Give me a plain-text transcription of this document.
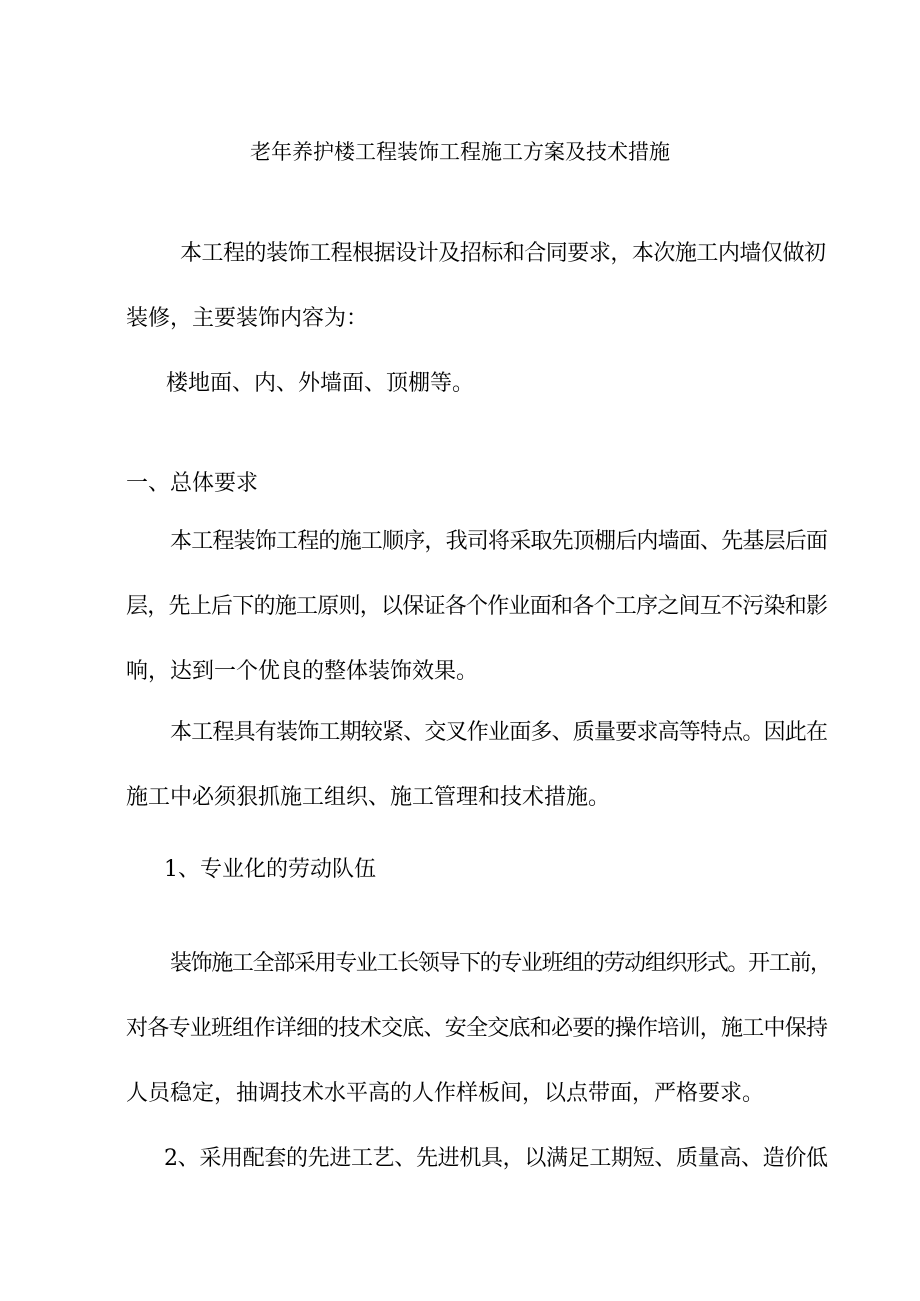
老年养护楼工程装饰工程施工方案及技术措施
本工程的装饰工程根据设计及招标和合同要求，本次施工内墙仅做初
装修，主要装饰内容为：
楼地面、内、外墙面、顶棚等。
一、总体要求
本工程装饰工程的施工顺序，我司将采取先顶棚后内墙面、先基层后面
层，先上后下的施工原则，以保证各个作业面和各个工序之间互不污染和影
响，达到一个优良的整体装饰效果。
本工程具有装饰工期较紧、交叉作业面多、质量要求高等特点。因此在
施工中必须狠抓施工组织、施工管理和技术措施。
1、专业化的劳动队伍
装饰施工全部采用专业工长领导下的专业班组的劳动组织形式。开工前，
对各专业班组作详细的技术交底、安全交底和必要的操作培训，施工中保持
人员稳定，抽调技术水平高的人作样板间，以点带面，严格要求。
2、采用配套的先进工艺、先进机具，以满足工期短、质量高、造价低
